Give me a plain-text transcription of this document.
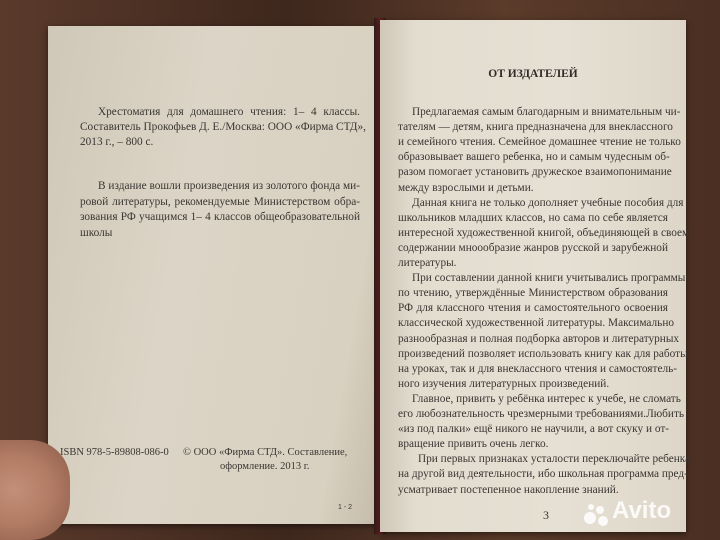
Хрестоматия для домашнего чтения: 1– 4 классы.
Составитель Прокофьев Д. Е./Москва: ООО «Фирма СТД»,
2013 г., – 800 с.
В издание вошли произведения из золотого фонда ми-
ровой литературы, рекомендуемые Министерством обра-
зования РФ учащимся 1– 4 классов общеобразовательной
школы
ISBN 978-5-89808-086-0 © ООО «Фирма СТД». Составление,
оформление. 2013 г.
1 - 2
ОТ ИЗДАТЕЛЕЙ
Предлагаемая самым благодарным и внимательным чи-
тателям — детям, книга предназначена для внеклассного
и семейного чтения. Семейное домашнее чтение не только
образовывает вашего ребенка, но и самым чудесным об-
разом помогает установить дружеское взаимопонимание
между взрослыми и детьми.
Данная книга не только дополняет учебные пособия для
школьников младших классов, но сама по себе является
интересной художественной книгой, объединяющей в своем
содержании мноообразие жанров русской и зарубежной
литературы.
При составлении данной книги учитывались программы
по чтению, утверждённые Министерством образования
РФ для классного чтения и самостоятельного освоения
классической художественной литературы. Максимально
разнообразная и полная подборка авторов и литературных
произведений позволяет использовать книгу как для работы
на уроках, так и для внеклассного чтения и самостоятель-
ного изучения литературных произведений.
Главное, привить у ребёнка интерес к учебе, не сломать
его любознательность чрезмерными требованиями.Любить
«из под палки» ещё никого не научили, а вот скуку и от-
вращение привить очень легко.
При первых признаках усталости переключайте ребенка
на другой вид деятельности, ибо школьная программа пред-
усматривает постепенное накопление знаний.
3	Avito
